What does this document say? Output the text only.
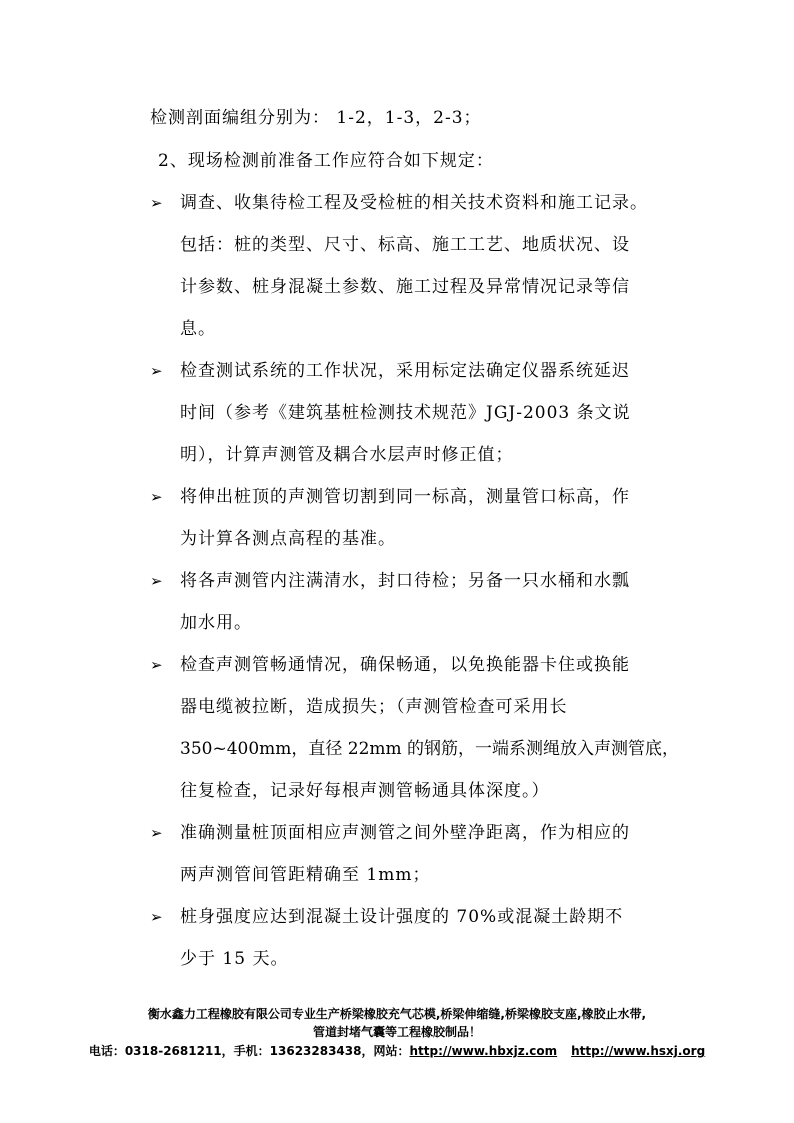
检测剖面编组分别为： 1-2，1-3，2-3；
2、现场检测前准备工作应符合如下规定：
➢ 调查、收集待检工程及受检桩的相关技术资料和施工记录。
包括：桩的类型、尺寸、标高、施工工艺、地质状况、设
计参数、桩身混凝土参数、施工过程及异常情况记录等信
息。
➢ 检查测试系统的工作状况，采用标定法确定仪器系统延迟
时间（参考《建筑基桩检测技术规范》JGJ-2003 条文说
明），计算声测管及耦合水层声时修正值；
➢ 将伸出桩顶的声测管切割到同一标高，测量管口标高，作
为计算各测点高程的基准。
➢ 将各声测管内注满清水，封口待检；另备一只水桶和水瓢
加水用。
➢ 检查声测管畅通情况，确保畅通，以免换能器卡住或换能
器电缆被拉断，造成损失；（声测管检查可采用长
350~400mm，直径 22mm 的钢筋，一端系测绳放入声测管底，
往复检查，记录好每根声测管畅通具体深度。）
➢ 准确测量桩顶面相应声测管之间外壁净距离，作为相应的
两声测管间管距精确至 1mm；
➢ 桩身强度应达到混凝土设计强度的 70%或混凝土龄期不
少于 15 天。
衡水鑫力工程橡胶有限公司专业生产桥梁橡胶充气芯模,桥梁伸缩缝,桥梁橡胶支座,橡胶止水带,
管道封堵气囊等工程橡胶制品！
电话：0318-2681211，手机：13623283438，网站：http://www.hbxjz.com http://www.hsxj.org
